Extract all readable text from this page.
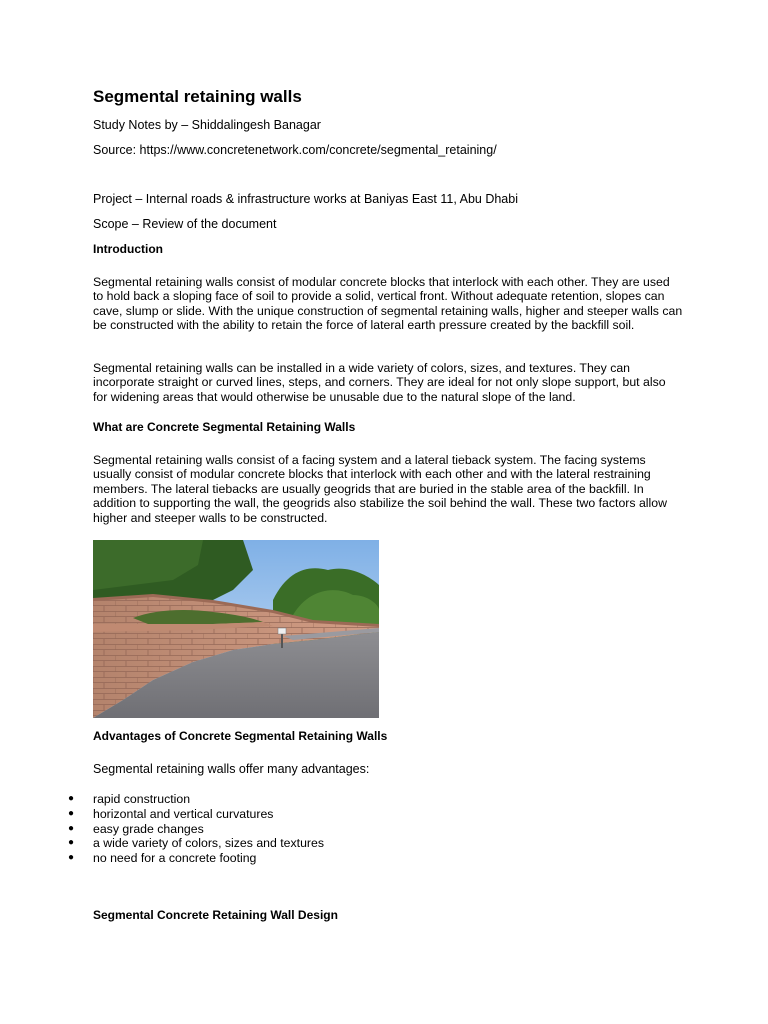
Segmental retaining walls

Study Notes by – Shiddalingesh Banagar

Source: https://www.concretenetwork.com/concrete/segmental_retaining/

Project – Internal roads & infrastructure works at Baniyas East 11, Abu Dhabi

Scope – Review of the document

Introduction

Segmental retaining walls consist of modular concrete blocks that interlock with each other. They are used to hold back a sloping face of soil to provide a solid, vertical front. Without adequate retention, slopes can cave, slump or slide. With the unique construction of segmental retaining walls, higher and steeper walls can be constructed with the ability to retain the force of lateral earth pressure created by the backfill soil.

Segmental retaining walls can be installed in a wide variety of colors, sizes, and textures. They can incorporate straight or curved lines, steps, and corners. They are ideal for not only slope support, but also for widening areas that would otherwise be unusable due to the natural slope of the land.

What are Concrete Segmental Retaining Walls

Segmental retaining walls consist of a facing system and a lateral tieback system. The facing systems usually consist of modular concrete blocks that interlock with each other and with the lateral restraining members. The lateral tiebacks are usually geogrids that are buried in the stable area of the backfill. In addition to supporting the wall, the geogrids also stabilize the soil behind the wall. These two factors allow higher and steeper walls to be constructed.

Advantages of Concrete Segmental Retaining Walls

Segmental retaining walls offer many advantages:

● rapid construction
● horizontal and vertical curvatures
● easy grade changes
● a wide variety of colors, sizes and textures
● no need for a concrete footing

Segmental Concrete Retaining Wall Design
